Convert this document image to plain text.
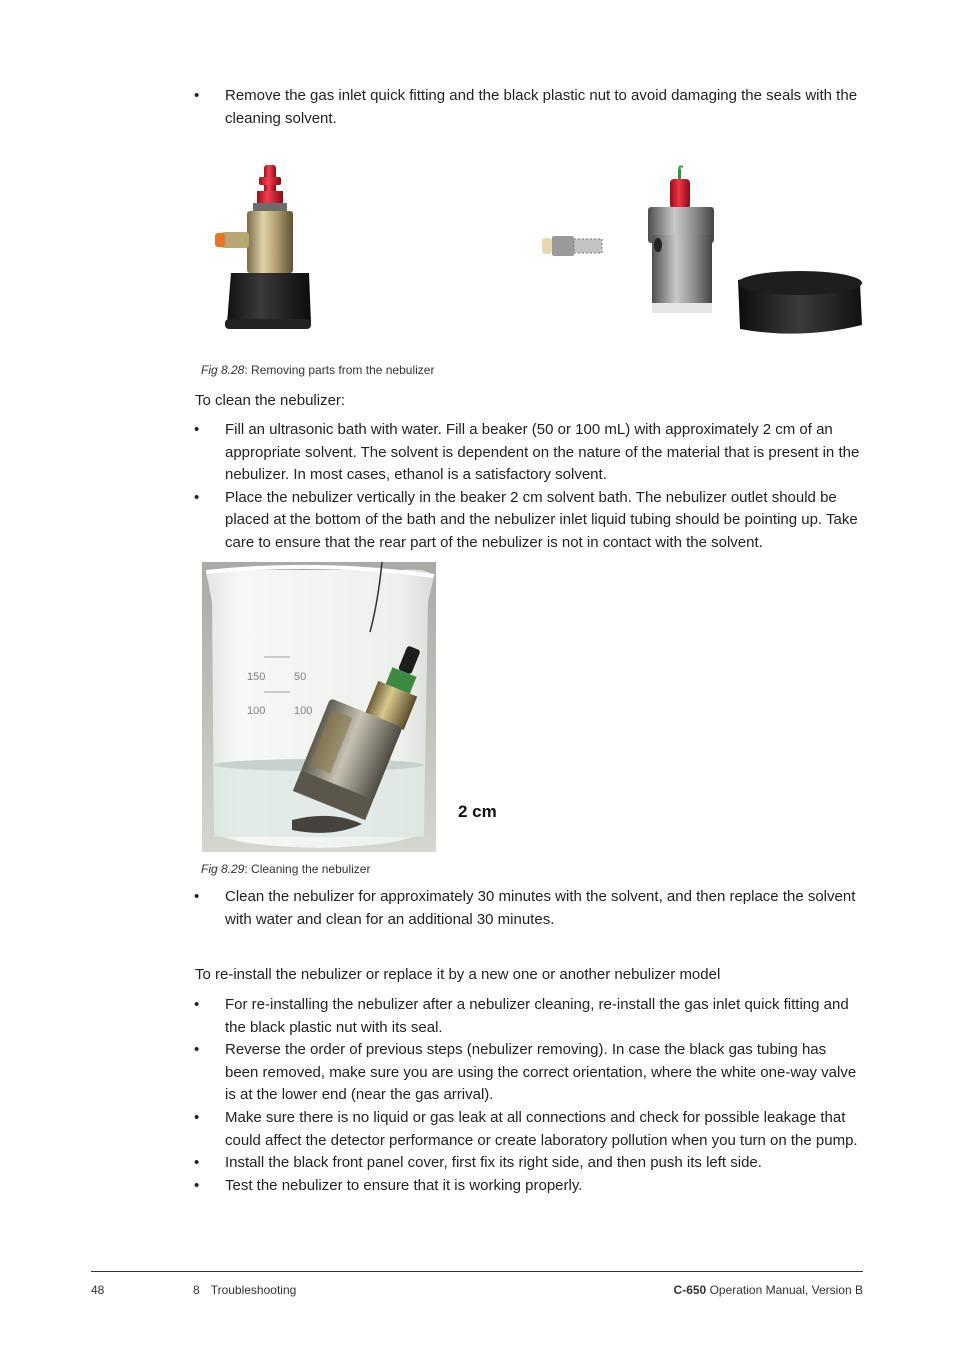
• Remove the gas inlet quick fitting and the black plastic nut to avoid damaging the seals with the cleaning solvent.
Fig 8.28: Removing parts from the nebulizer
To clean the nebulizer:
• Fill an ultrasonic bath with water. Fill a beaker (50 or 100 mL) with approximately 2 cm of an appropriate solvent. The solvent is dependent on the nature of the material that is present in the nebulizer. In most cases, ethanol is a satisfactory solvent.
• Place the nebulizer vertically in the beaker 2 cm solvent bath. The nebulizer outlet should be placed at the bottom of the bath and the nebulizer inlet liquid tubing should be pointing up. Take care to ensure that the rear part of the nebulizer is not in contact with the solvent.
150	50
100	100
2 cm
Fig 8.29: Cleaning the nebulizer
• Clean the nebulizer for approximately 30 minutes with the solvent, and then replace the solvent with water and clean for an additional 30 minutes.
To re-install the nebulizer or replace it by a new one or another nebulizer model
• For re-installing the nebulizer after a nebulizer cleaning, re-install the gas inlet quick fitting and the black plastic nut with its seal.
• Reverse the order of previous steps (nebulizer removing). In case the black gas tubing has been removed, make sure you are using the correct orientation, where the white one-way valve is at the lower end (near the gas arrival).
• Make sure there is no liquid or gas leak at all connections and check for possible leakage that could affect the detector performance or create laboratory pollution when you turn on the pump.
• Install the black front panel cover, first fix its right side, and then push its left side.
• Test the nebulizer to ensure that it is working properly.
48	8 Troubleshooting	C-650 Operation Manual, Version B
